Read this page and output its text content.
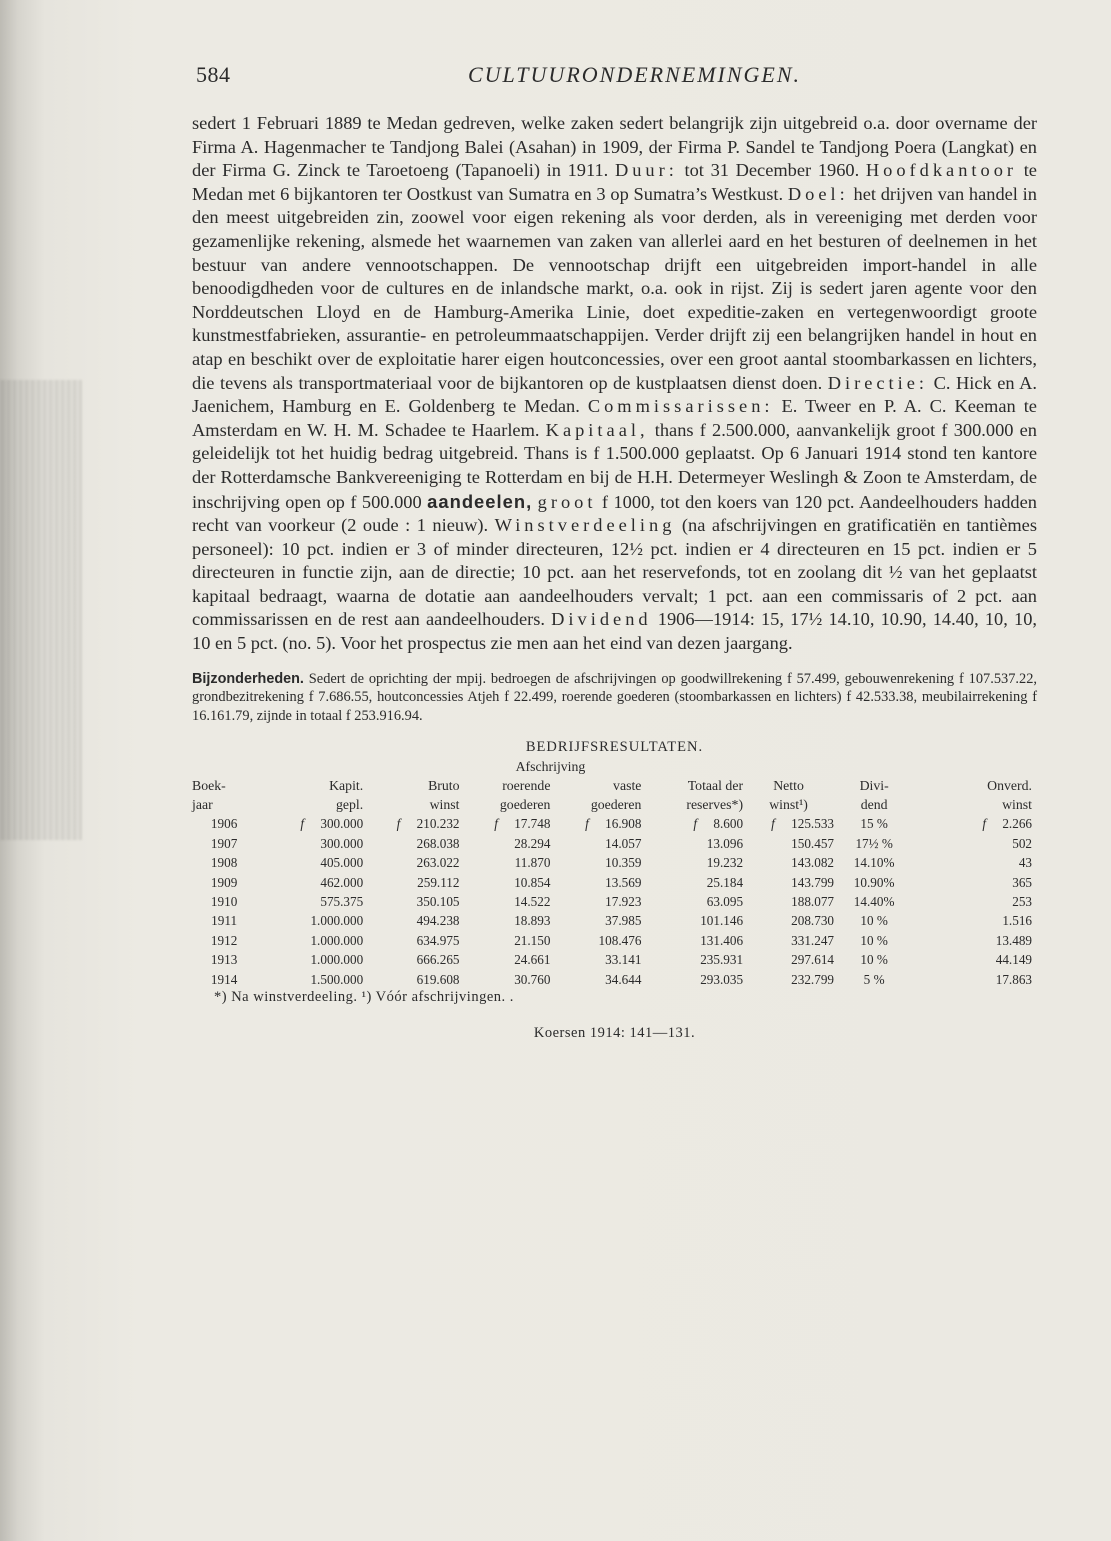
584	CULTUURONDERNEMINGEN.
sedert 1 Februari 1889 te Medan gedreven, welke zaken sedert belangrijk zijn uitgebreid o.a. door overname der Firma A. Hagenmacher te Tandjong Balei (Asahan) in 1909, der Firma P. Sandel te Tandjong Poera (Langkat) en der Firma G. Zinck te Taroetoeng (Tapanoeli) in 1911. Duur: tot 31 December 1960. Hoofdkantoor te Medan met 6 bijkantoren ter Oostkust van Sumatra en 3 op Sumatra’s Westkust. Doel: het drijven van handel in den meest uitgebreiden zin, zoowel voor eigen rekening als voor derden, als in vereeniging met derden voor gezamenlijke rekening, alsmede het waarnemen van zaken van allerlei aard en het besturen of deelnemen in het bestuur van andere vennootschappen. De vennootschap drijft een uitgebreiden import-handel in alle benoodigdheden voor de cultures en de inlandsche markt, o.a. ook in rijst. Zij is sedert jaren agente voor den Norddeutschen Lloyd en de Hamburg-Amerika Linie, doet expeditie-zaken en vertegenwoordigt groote kunstmestfabrieken, assurantie- en petroleummaatschappijen. Verder drijft zij een belangrijken handel in hout en atap en beschikt over de exploitatie harer eigen houtconcessies, over een groot aantal stoombarkassen en lichters, die tevens als transportmateriaal voor de bijkantoren op de kustplaatsen dienst doen. Directie: C. Hick en A. Jaenichem, Hamburg en E. Goldenberg te Medan. Commissarissen: E. Tweer en P. A. C. Keeman te Amsterdam en W. H. M. Schadee te Haarlem. Kapitaal, thans f 2.500.000, aanvankelijk groot f 300.000 en geleidelijk tot het huidig bedrag uitgebreid. Thans is f 1.500.000 geplaatst. Op 6 Januari 1914 stond ten kantore der Rotterdamsche Bankvereeniging te Rotterdam en bij de H.H. Determeyer Weslingh & Zoon te Amsterdam, de inschrijving open op f 500.000 aandeelen, groot f 1000, tot den koers van 120 pct. Aandeelhouders hadden recht van voorkeur (2 oude : 1 nieuw). Winstverdeeling (na afschrijvingen en gratificatiën en tantièmes personeel): 10 pct. indien er 3 of minder directeuren, 12½ pct. indien er 4 directeuren en 15 pct. indien er 5 directeuren in functie zijn, aan de directie; 10 pct. aan het reservefonds, tot en zoolang dit ½ van het geplaatst kapitaal bedraagt, waarna de dotatie aan aandeelhouders vervalt; 1 pct. aan een commissaris of 2 pct. aan commissarissen en de rest aan aandeelhouders. Dividend 1906—1914: 15, 17½ 14.10, 10.90, 14.40, 10, 10, 10 en 5 pct. (no. 5). Voor het prospectus zie men aan het eind van dezen jaargang.
Bijzonderheden. Sedert de oprichting der mpij. bedroegen de afschrijvingen op goodwillrekening f 57.499, gebouwenrekening f 107.537.22, grondbezitrekening f 7.686.55, houtconcessies Atjeh f 22.499, roerende goederen (stoombarkassen en lichters) f 42.533.38, meubilairrekening f 16.161.79, zijnde in totaal f 253.916.94.
BEDRIJFSRESULTATEN.
			Afschrijving					
Boek-	Kapit.	Bruto	roerende	vaste	Totaal der	Netto	Divi-	Onverd.
jaar	gepl.	winst	goederen	goederen	reserves*)	winst¹)	dend	winst
1906	f 300.000	f 210.232	f 17.748	f 16.908	f 8.600	f 125.533	15 %	f 2.266
1907	300.000	268.038	28.294	14.057	13.096	150.457	17½ %	502
1908	405.000	263.022	11.870	10.359	19.232	143.082	14.10%	43
1909	462.000	259.112	10.854	13.569	25.184	143.799	10.90%	365
1910	575.375	350.105	14.522	17.923	63.095	188.077	14.40%	253
1911	1.000.000	494.238	18.893	37.985	101.146	208.730	10 %	1.516
1912	1.000.000	634.975	21.150	108.476	131.406	331.247	10 %	13.489
1913	1.000.000	666.265	24.661	33.141	235.931	297.614	10 %	44.149
1914	1.500.000	619.608	30.760	34.644	293.035	232.799	5 %	17.863
*) Na winstverdeeling. ¹) Vóór afschrijvingen. .
Koersen 1914: 141—131.
